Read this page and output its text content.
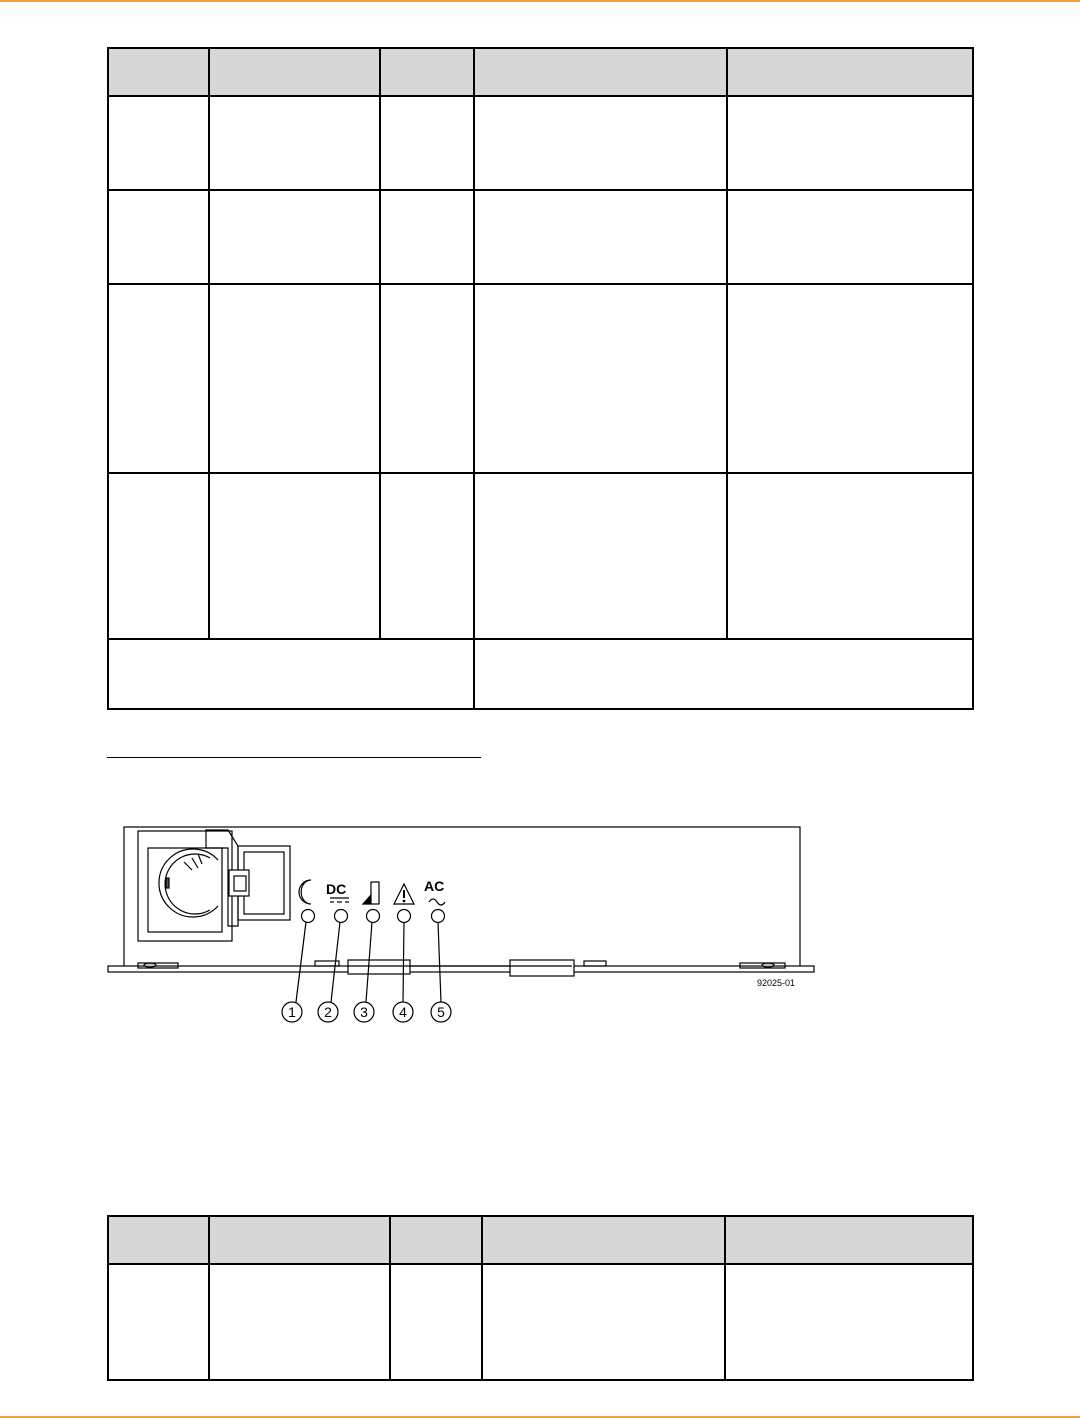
DC	AC
1 2 3 4 5
92025-01
